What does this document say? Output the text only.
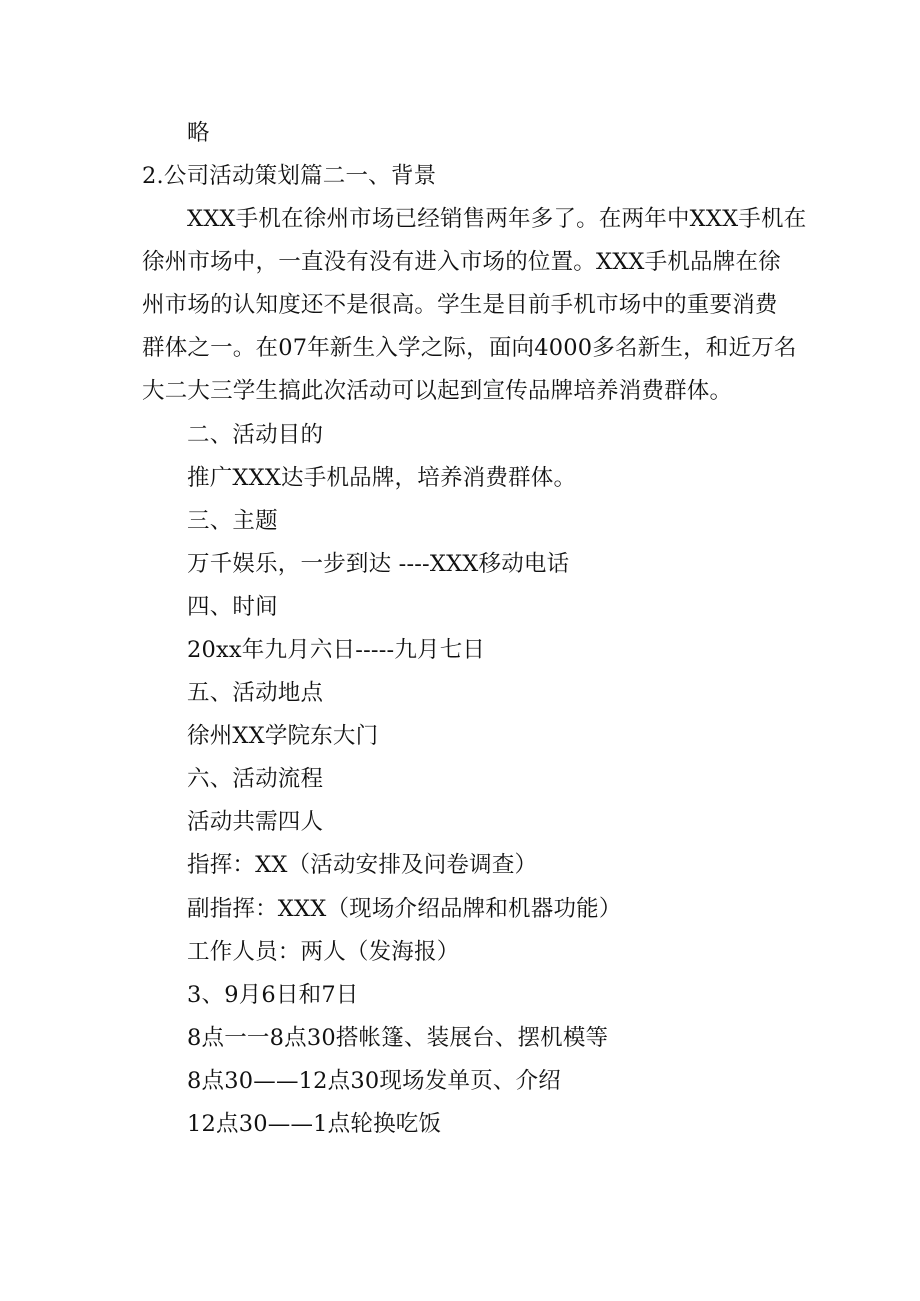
略
2.公司活动策划篇二一、背景
XXX手机在徐州市场已经销售两年多了。在两年中XXX手机在
徐州市场中，一直没有没有进入市场的位置。XXX手机品牌在徐
州市场的认知度还不是很高。学生是目前手机市场中的重要消费
群体之一。在07年新生入学之际，面向4000多名新生，和近万名
大二大三学生搞此次活动可以起到宣传品牌培养消费群体。
二、活动目的
推广XXX达手机品牌，培养消费群体。
三、主题
万千娱乐，一步到达 ----XXX移动电话
四、时间
20xx年九月六日-----九月七日
五、活动地点
徐州XX学院东大门
六、活动流程
活动共需四人
指挥：XX（活动安排及问卷调查）
副指挥：XXX（现场介绍品牌和机器功能）
工作人员：两人（发海报）
3、9月6日和7日
8点一一8点30搭帐篷、装展台、摆机模等
8点30——12点30现场发单页、介绍
12点30——1点轮换吃饭
